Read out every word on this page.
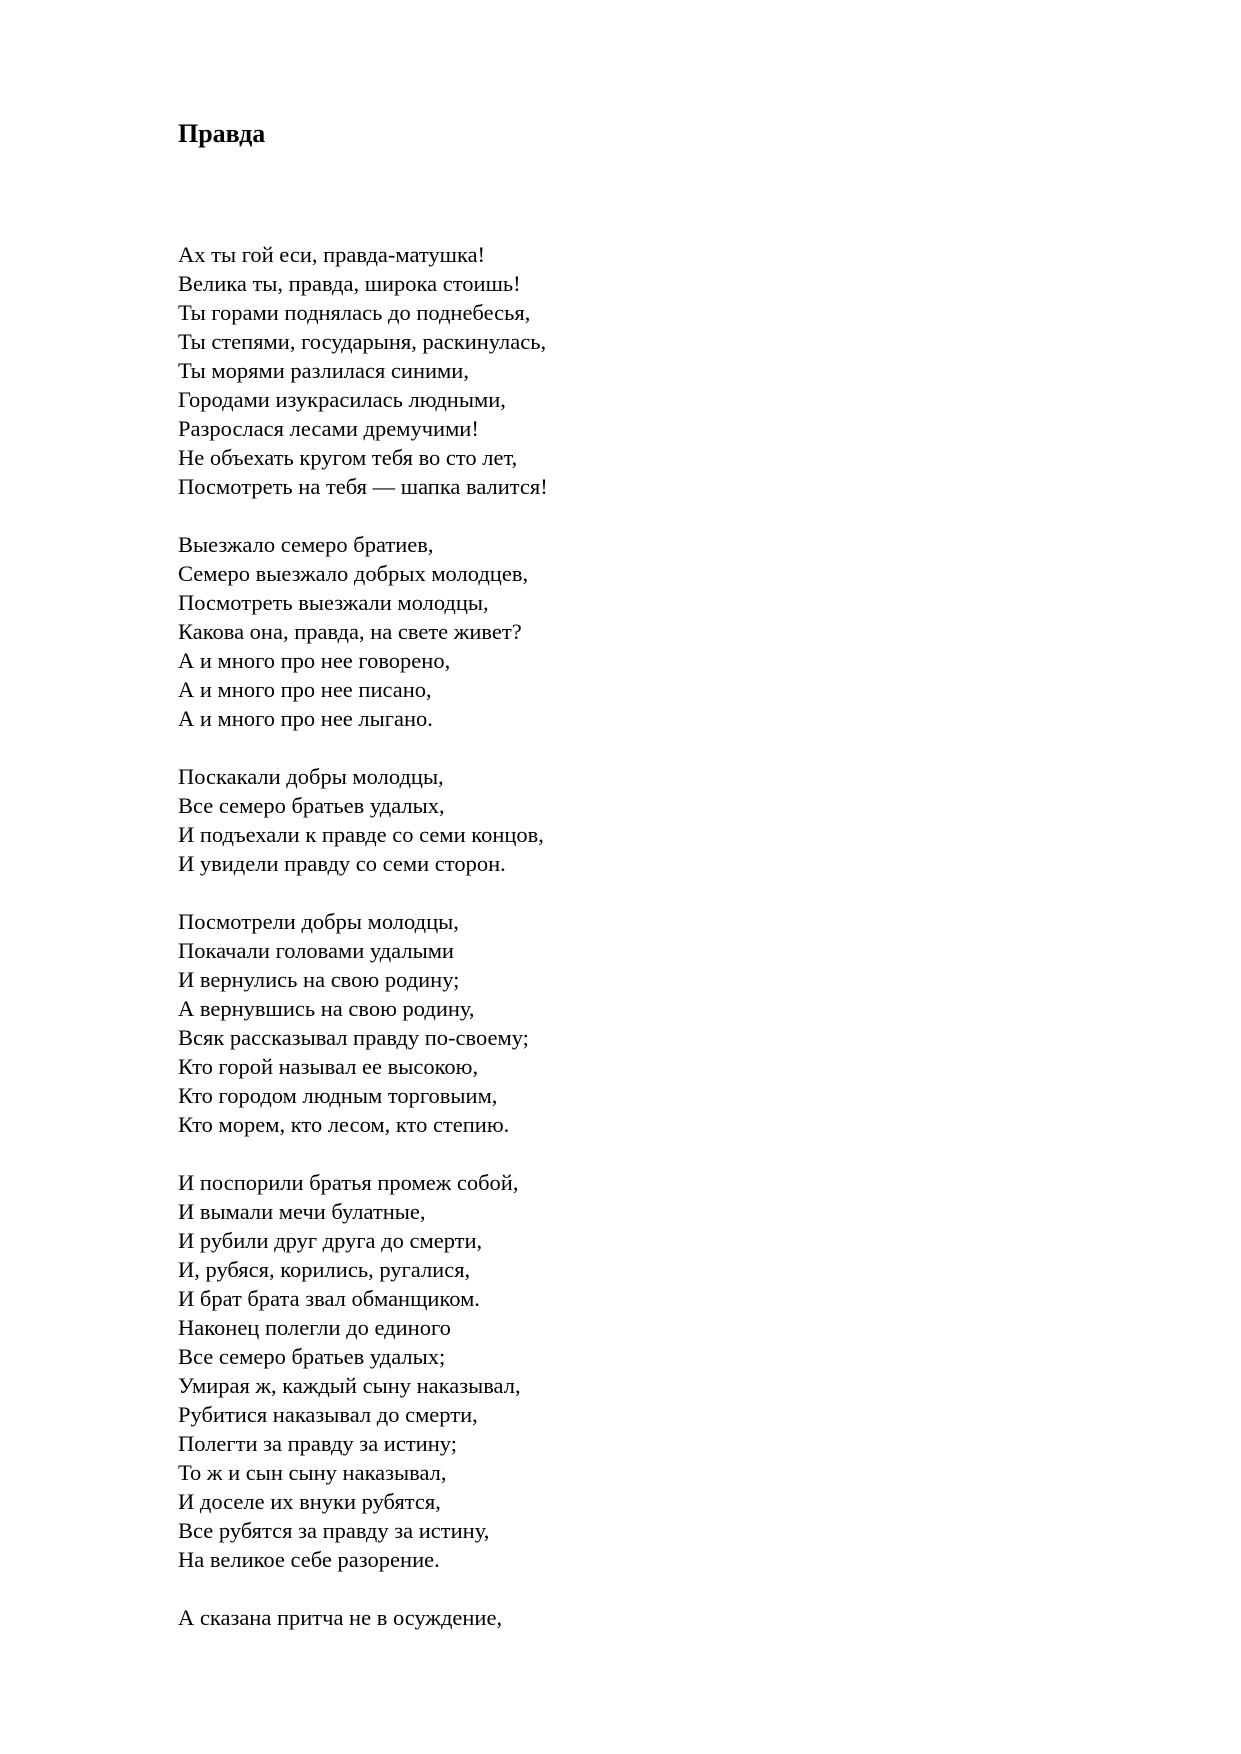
Правда
Ах ты гой еси, правда-матушка!
Велика ты, правда, широка стоишь!
Ты горами поднялась до поднебесья,
Ты степями, государыня, раскинулась,
Ты морями разлилася синими,
Городами изукрасилась людными,
Разрослася лесами дремучими!
Не объехать кругом тебя во сто лет,
Посмотреть на тебя — шапка валится!
Выезжало семеро братиев,
Семеро выезжало добрых молодцев,
Посмотреть выезжали молодцы,
Какова она, правда, на свете живет?
А и много про нее говорено,
А и много про нее писано,
А и много про нее лыгано.
Поскакали добры молодцы,
Все семеро братьев удалых,
И подъехали к правде со семи концов,
И увидели правду со семи сторон.
Посмотрели добры молодцы,
Покачали головами удалыми
И вернулись на свою родину;
А вернувшись на свою родину,
Всяк рассказывал правду по-своему;
Кто горой называл ее высокою,
Кто городом людным торговыим,
Кто морем, кто лесом, кто степию.
И поспорили братья промеж собой,
И вымали мечи булатные,
И рубили друг друга до смерти,
И, рубяся, корились, ругалися,
И брат брата звал обманщиком.
Наконец полегли до единого
Все семеро братьев удалых;
Умирая ж, каждый сыну наказывал,
Рубитися наказывал до смерти,
Полегти за правду за истину;
То ж и сын сыну наказывал,
И доселе их внуки рубятся,
Все рубятся за правду за истину,
На великое себе разорение.
А сказана притча не в осуждение,
